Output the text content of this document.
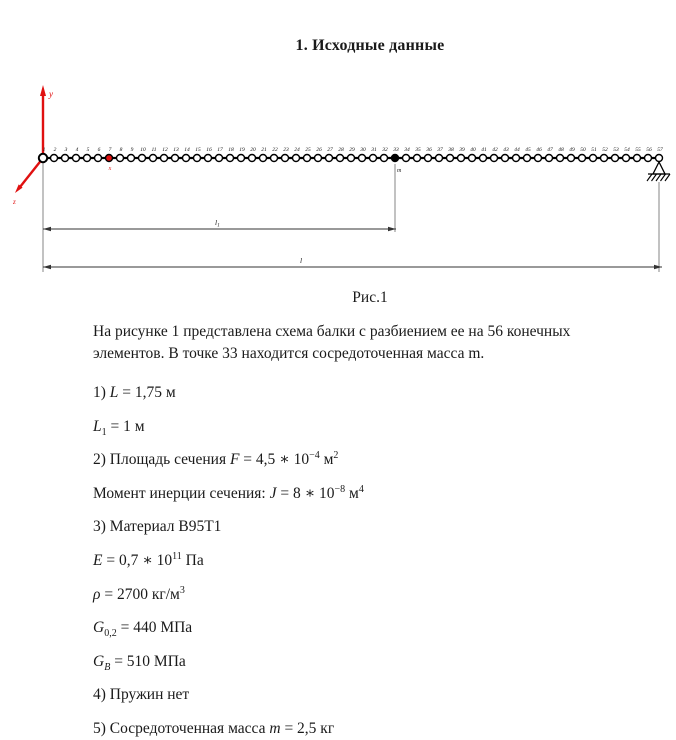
1. Исходные данные
y
z
1 2 3 4 5 6 7 8 9 10 11 12 13 14 15 16 17 18 19 20 21 22 23 24 25 26 27 28 29 30 31 32 33 34 35 36 37 38 39 40 41 42 43 44 45 46 47 48 49 50 51 52 53 54 55 56 57
x	m
$l_1$
l
Рис.1
На рисунке 1 представлена схема балки с разбиением ее на 56 конечных
элементов. В точке 33 находится сосредоточенная масса m.
1) L = 1,75 м
$L_1 = 1$ м
2) Площадь сечения F = 4,5 ∗ $10^{-4}$ $м^2$
Момент инерции сечения: J = 8 ∗ $10^{-8}$ $м^4$
3) Материал В95Т1
E = 0,7 ∗ $10^{11}$ Па
ρ = 2700 $кг/м^3$
$G_{0,2} = 440$ МПа
$G_B = 510$ МПа
4) Пружин нет
5) Сосредоточенная масса m = 2,5 кг
